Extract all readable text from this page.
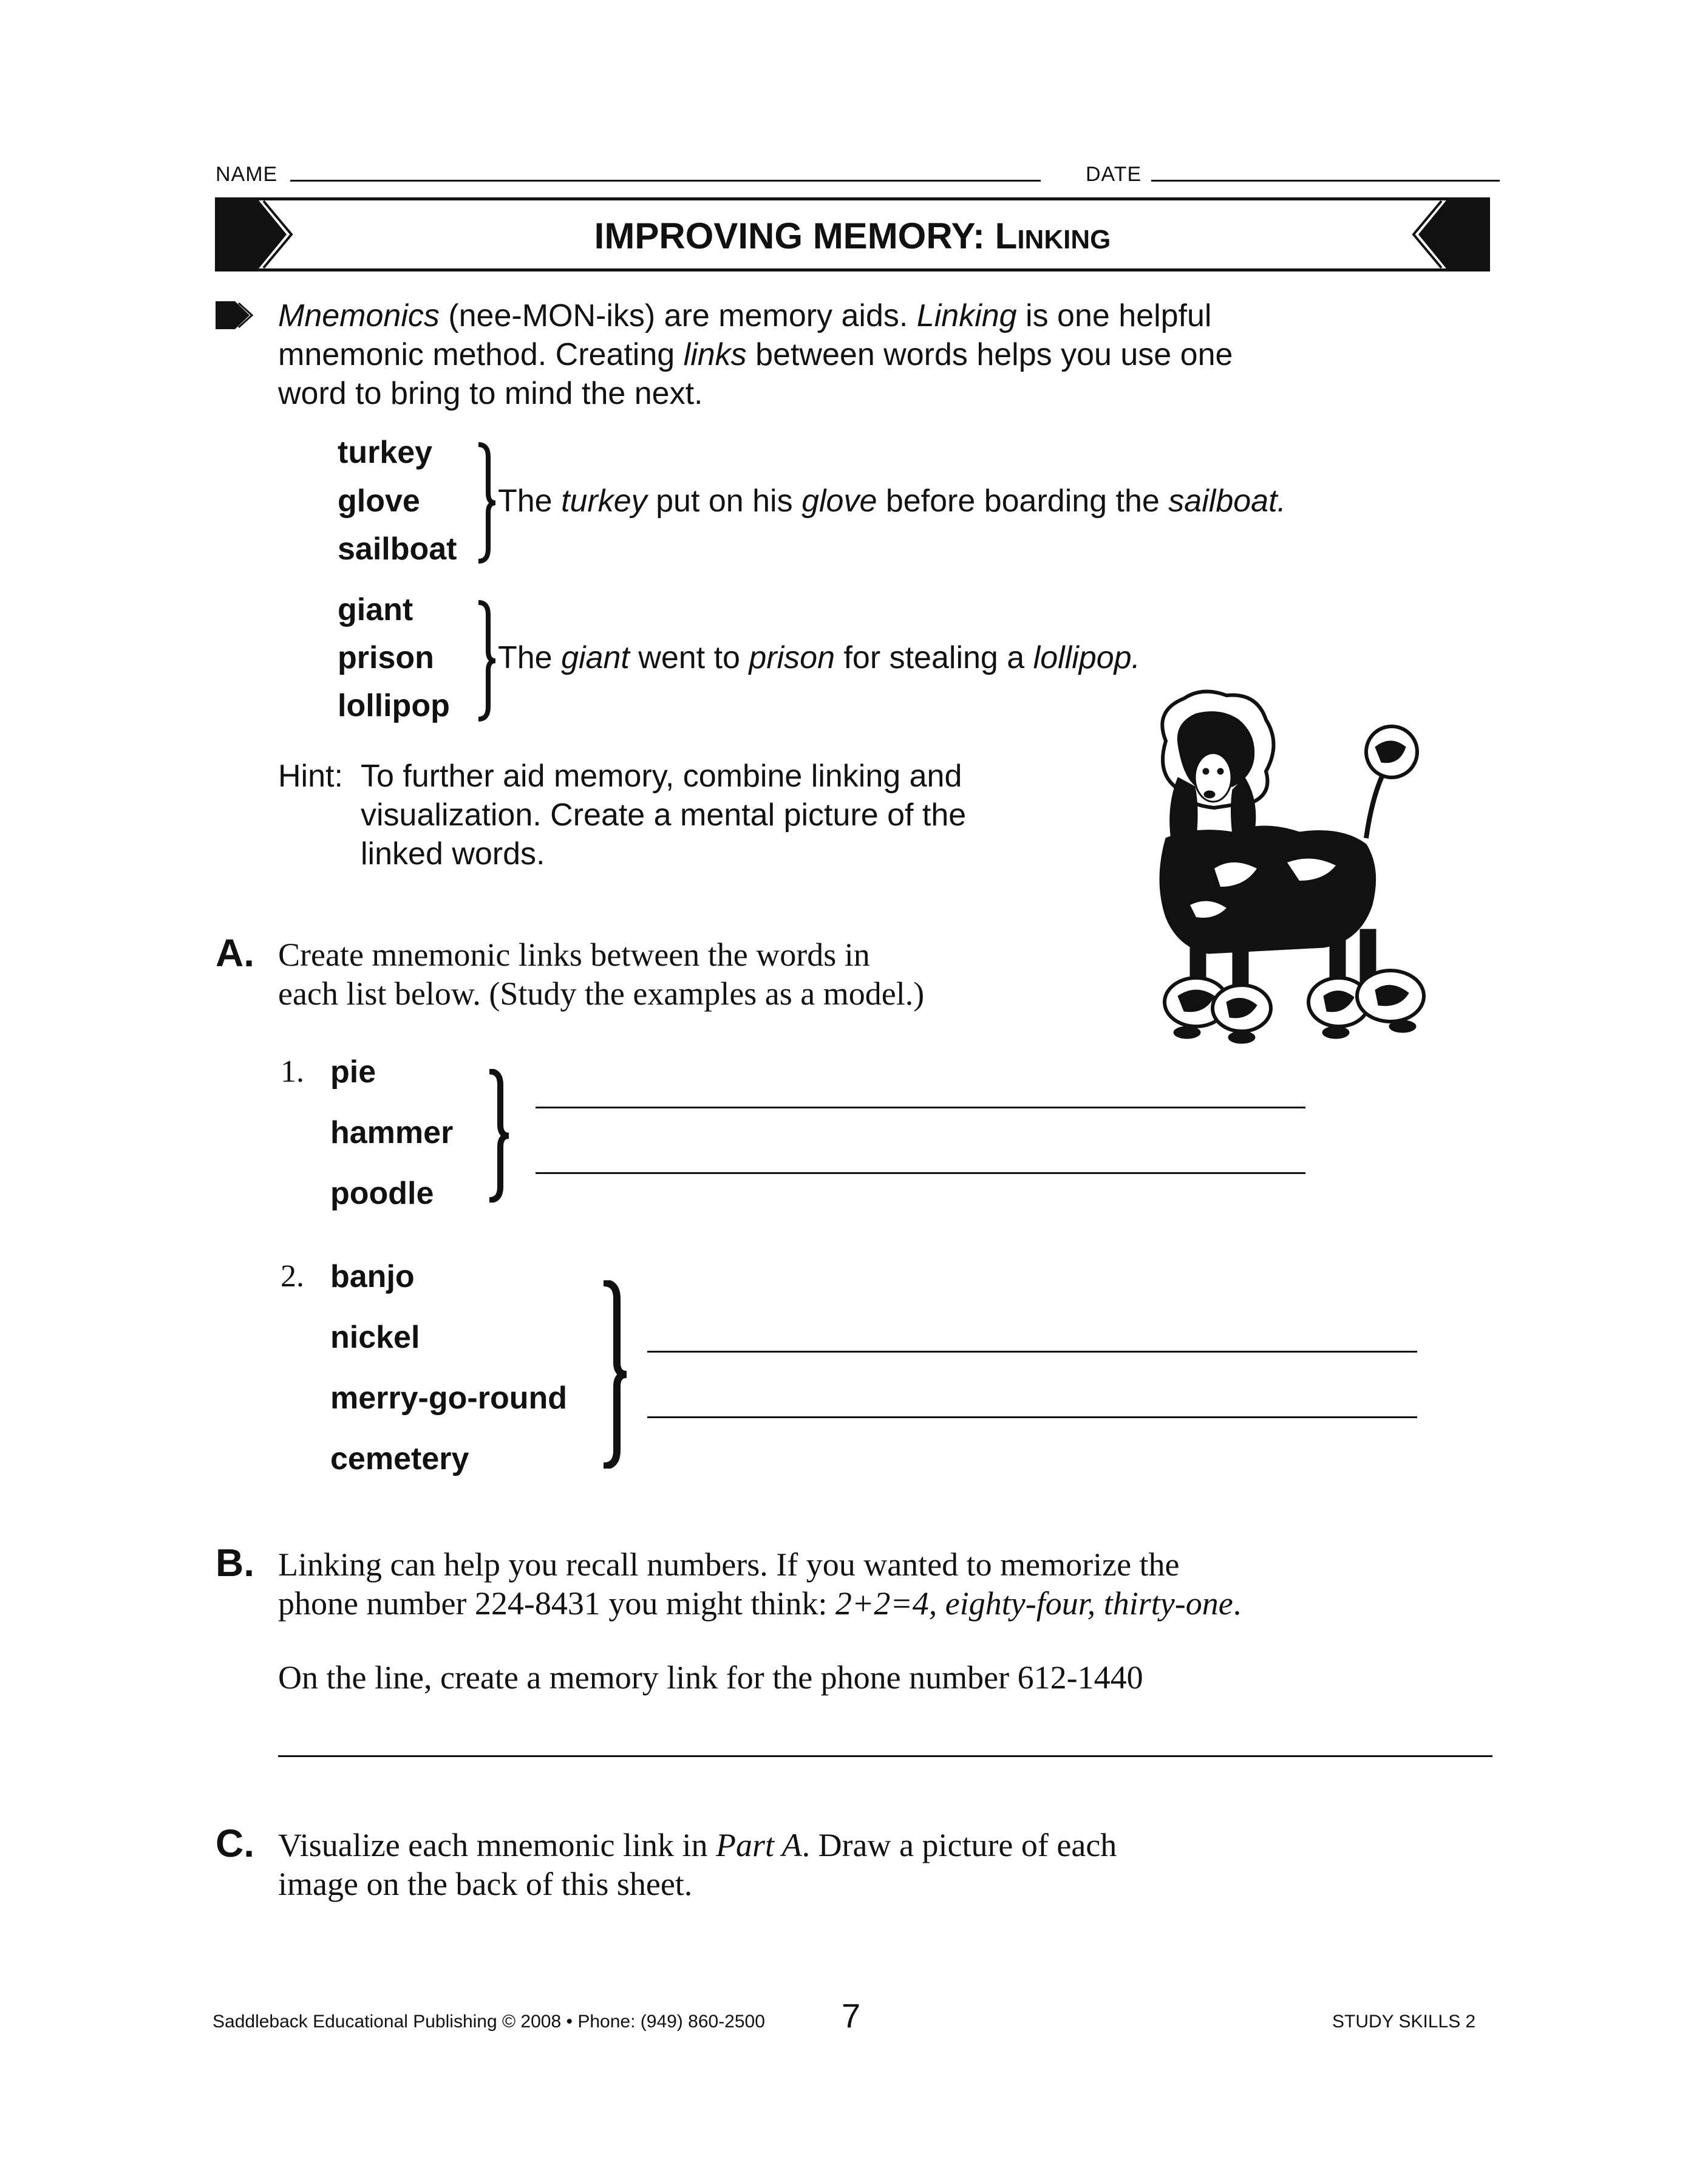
NAME	DATE
IMPROVING MEMORY: LINKING
Mnemonics (nee-MON-iks) are memory aids. Linking is one helpful
mnemonic method. Creating links between words helps you use one
word to bring to mind the next.
turkey
glove
sailboat
The turkey put on his glove before boarding the sailboat.
giant
prison
lollipop
The giant went to prison for stealing a lollipop.
Hint: To further aid memory, combine linking and
visualization. Create a mental picture of the
linked words.
A. Create mnemonic links between the words in
each list below. (Study the examples as a model.)
1. pie
hammer
poodle
2. banjo
nickel
merry-go-round
cemetery
B. Linking can help you recall numbers. If you wanted to memorize the
phone number 224-8431 you might think: 2+2=4, eighty-four, thirty-one.
On the line, create a memory link for the phone number 612-1440
C. Visualize each mnemonic link in Part A. Draw a picture of each
image on the back of this sheet.
Saddleback Educational Publishing © 2008 • Phone: (949) 860-2500 7	STUDY SKILLS 2
